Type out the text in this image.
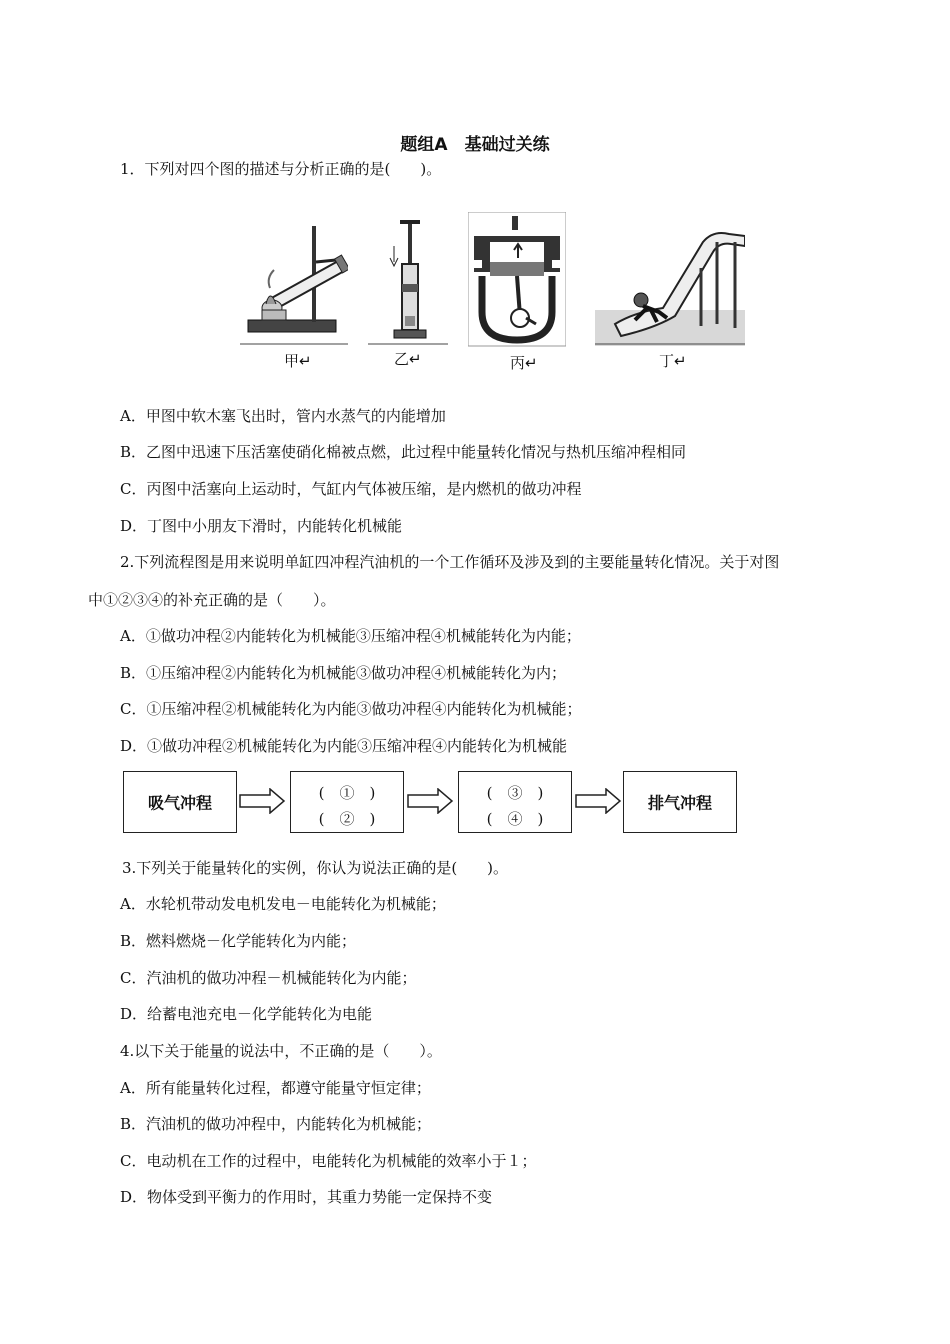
题组A　基础过关练
1．下列对四个图的描述与分析正确的是(　　)。
甲↵	乙↵	丙↵	丁↵
A．甲图中软木塞飞出时，管内水蒸气的内能增加
B．乙图中迅速下压活塞使硝化棉被点燃，此过程中能量转化情况与热机压缩冲程相同
C．丙图中活塞向上运动时，气缸内气体被压缩，是内燃机的做功冲程
D．丁图中小朋友下滑时，内能转化机械能
2.下列流程图是用来说明单缸四冲程汽油机的一个工作循环及涉及到的主要能量转化情况。关于对图
中①②③④的补充正确的是（　　）。
A．①做功冲程②内能转化为机械能③压缩冲程④机械能转化为内能；
B．①压缩冲程②内能转化为机械能③做功冲程④机械能转化为内；
C．①压缩冲程②机械能转化为内能③做功冲程④内能转化为机械能；
D．①做功冲程②机械能转化为内能③压缩冲程④内能转化为机械能
吸气冲程
(　①　)
(　②　)
(　③　)
(　④　)
排气冲程
3.下列关于能量转化的实例，你认为说法正确的是(　　)。
A．水轮机带动发电机发电－电能转化为机械能；
B．燃料燃烧－化学能转化为内能；
C．汽油机的做功冲程－机械能转化为内能；
D．给蓄电池充电－化学能转化为电能
4.以下关于能量的说法中，不正确的是（　　）。
A．所有能量转化过程，都遵守能量守恒定律；
B．汽油机的做功冲程中，内能转化为机械能；
C．电动机在工作的过程中，电能转化为机械能的效率小于１；
D．物体受到平衡力的作用时，其重力势能一定保持不变
